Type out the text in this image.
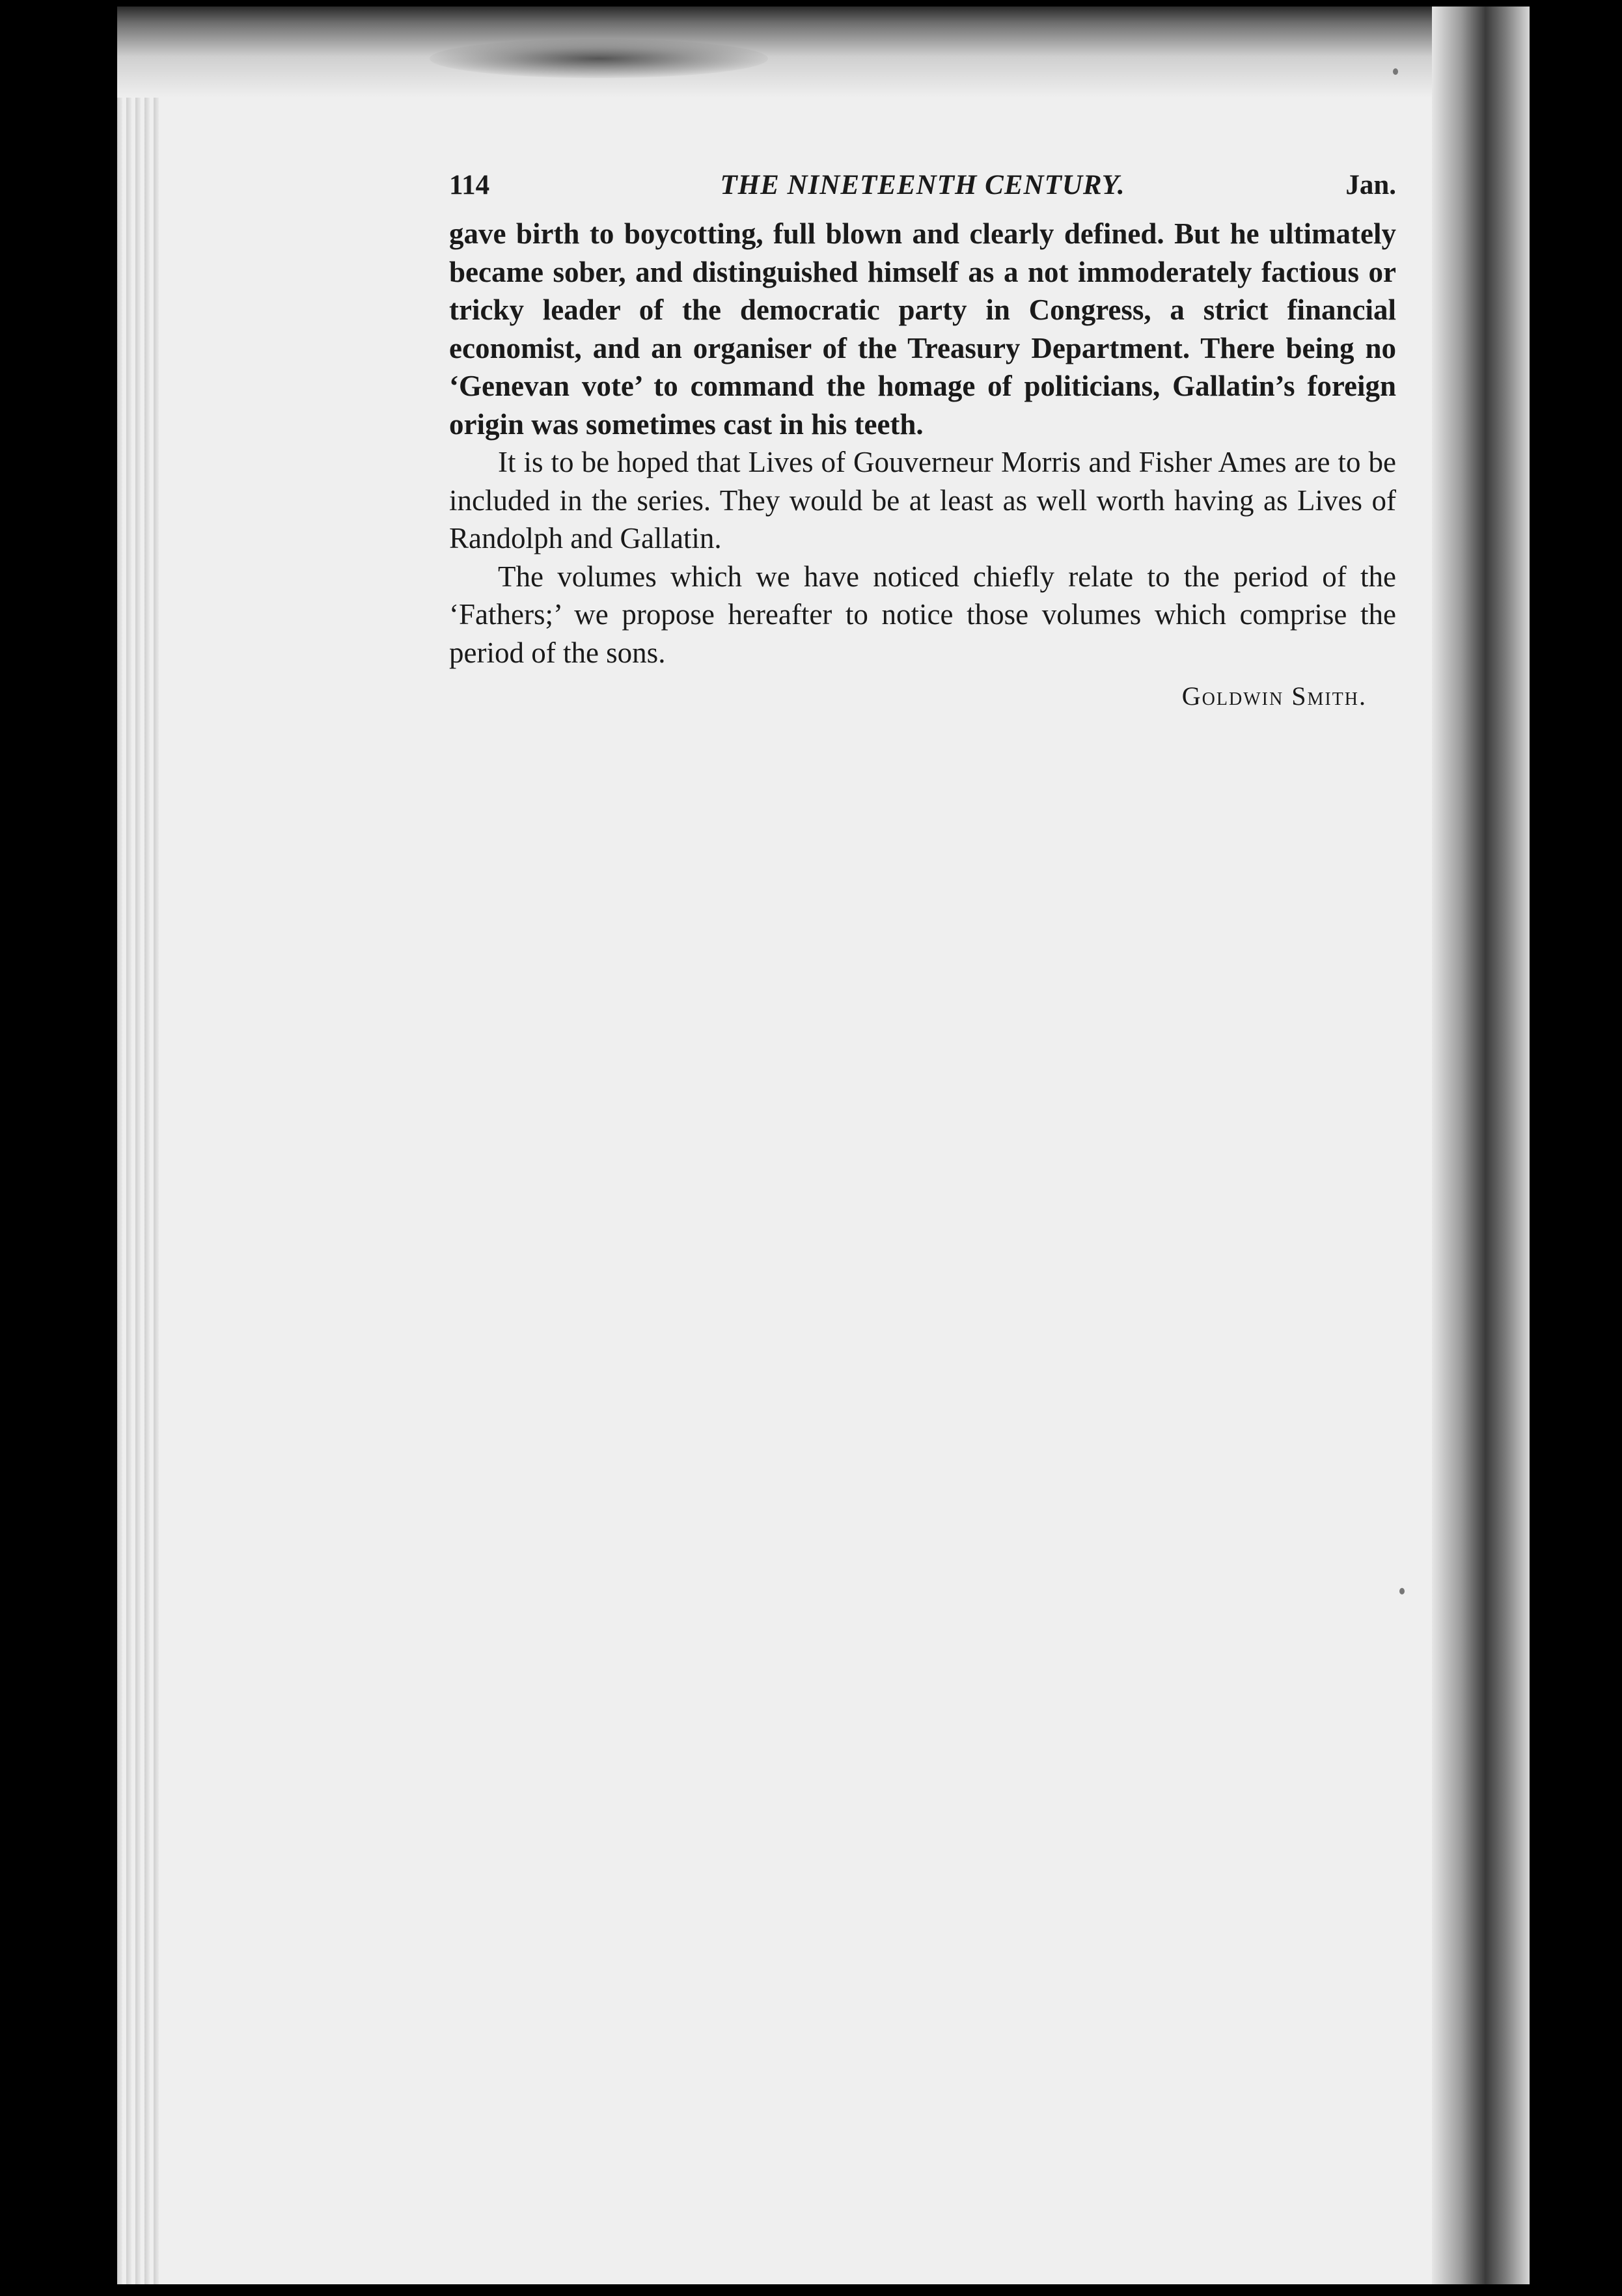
114	THE NINETEENTH CENTURY.	Jan.

gave birth to boycotting, full blown and clearly defined. But he ultimately became sober, and distinguished himself as a not immoderately factious or tricky leader of the democratic party in Congress, a strict financial economist, and an organiser of the Treasury Department. There being no ‘Genevan vote’ to command the homage of politicians, Gallatin’s foreign origin was sometimes cast in his teeth.

It is to be hoped that Lives of Gouverneur Morris and Fisher Ames are to be included in the series. They would be at least as well worth having as Lives of Randolph and Gallatin.

The volumes which we have noticed chiefly relate to the period of the ‘Fathers;’ we propose hereafter to notice those volumes which comprise the period of the sons.

Goldwin Smith.
